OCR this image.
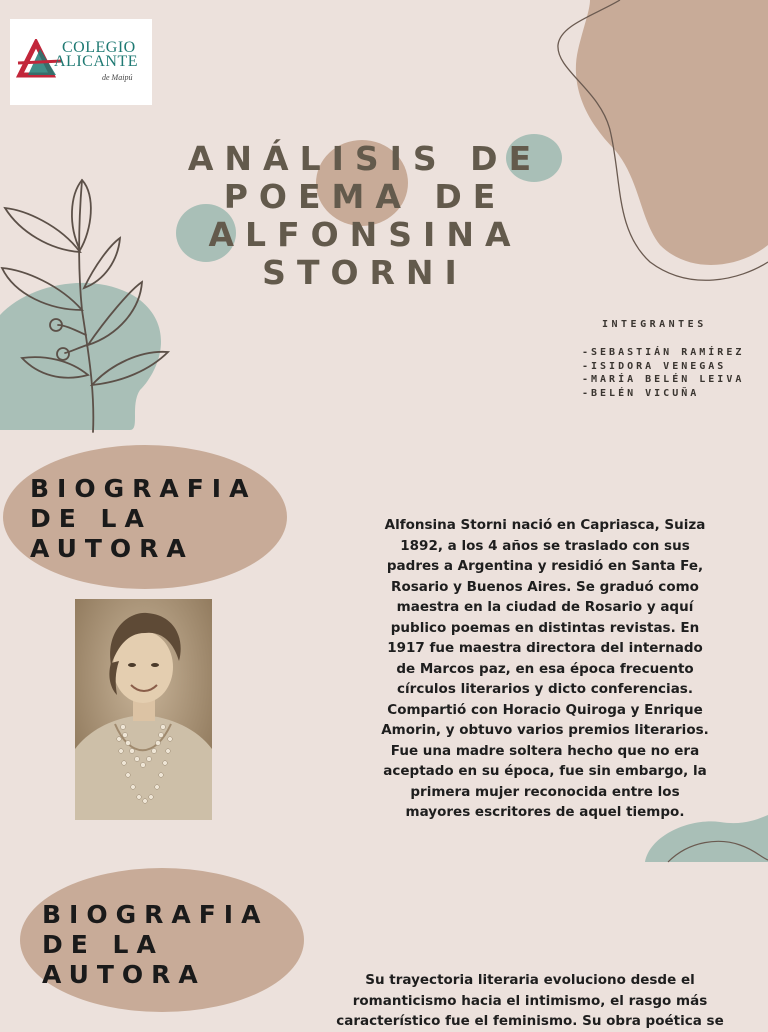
COLEGIO
ALICANTE
de Maipú
ANÁLISIS DE
POEMA DE
ALFONSINA
STORNI
INTEGRANTES
-SEBASTIÁN RAMÍREZ
-ISIDORA VENEGAS
-MARÍA BELÉN LEIVA
-BELÉN VICUÑA
BIOGRAFIA
DE LA
AUTORA
Alfonsina Storni nació en Capriasca, Suiza
1892, a los 4 años se traslado con sus
padres a Argentina y residió en Santa Fe,
Rosario y Buenos Aires. Se graduó como
maestra en la ciudad de Rosario y aquí
publico poemas en distintas revistas. En
1917 fue maestra directora del internado
de Marcos paz, en esa época frecuento
círculos literarios y dicto conferencias.
Compartió con Horacio Quiroga y Enrique
Amorin, y obtuvo varios premios literarios.
Fue una madre soltera hecho que no era
aceptado en su época, fue sin embargo, la
primera mujer reconocida entre los
mayores escritores de aquel tiempo.
BIOGRAFIA
DE LA
AUTORA	Su trayectoria literaria evoluciono desde el
romanticismo hacia el intimismo, el rasgo más
característico fue el feminismo. Su obra poética se
